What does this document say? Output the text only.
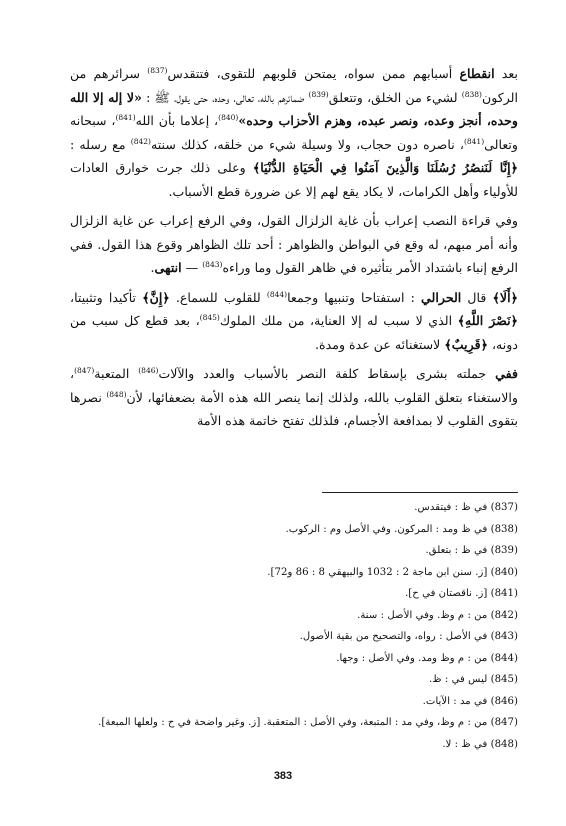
بعد انقطاع أسبابهم ممن سواه، يمتحن قلوبهم للتقوى، فتتقدس$^{(837)}$ سرائرهم من الركون$^{(838)}$ لشيء من الخلق، وتتعلق$^{(839)}$ ضمائرهم بالله، تعالى، وحده، حتى يقول، ﷺ : «لا إله إلا الله وحده، أنجز وعده، ونصر عبده، وهزم الأحزاب وحده»$^{(840)}$، إعلاما بأن الله$^{(841)}$، سبحانه وتعالى$^{(841)}$، ناصره دون حجاب، ولا وسيلة شيء من خلقه، كذلك سنته$^{(842)}$ مع رسله : ﴿إِنَّا لَنَنصُرُ رُسُلَنَا وَالَّذِينَ آمَنُوا فِي الْحَيَاةِ الدُّنْيَا﴾ وعلى ذلك جرت خوارق العادات للأولياء وأهل الكرامات، لا يكاد يقع لهم إلا عن ضرورة قطع الأسباب.

وفي قراءة النصب إعراب بأن غاية الزلزال القول، وفي الرفع إعراب عن غاية الزلزال وأنه أمر مبهم، له وقع في البواطن والظواهر : أحد تلك الظواهر وقوع هذا القول. ففي الرفع إنباء باشتداد الأمر بتأثيره في ظاهر القول وما وراءه$^{(843)}$ — انتهى.

﴿أَلَا﴾ قال الحرالي : استفتاحا وتنبيها وجمعا$^{(844)}$ للقلوب للسماع. ﴿إِنَّ﴾ تأكيدا وتثبيتا، ﴿نَصْرَ اللَّهِ﴾ الذي لا سبب له إلا العناية، من ملك الملوك$^{(845)}$، بعد قطع كل سبب من دونه، ﴿قَرِيبٌ﴾ لاستغنائه عن عدة ومدة.

ففي جملته بشرى بإسقاط كلفة النصر بالأسباب والعدد والآلات$^{(846)}$ المتعبة$^{(847)}$، والاستغناء بتعلق القلوب بالله، ولذلك إنما ينصر الله هذه الأمة بضعفائها، لأن$^{(848)}$ نصرها بتقوى القلوب لا بمدافعة الأجسام، فلذلك تفتح خاتمة هذه الأمة

(837) في ظ : فيتقدس.
(838) في ظ ومد : المركون. وفي الأصل وم : الركوب.
(839) في ظ : بتعلق.
(840) [ز. سنن ابن ماجة 2 : 1032 والبيهقي 8 : 86 و72].
(841) [ز. ناقصتان في ح].
(842) من : م وظ. وفي الأصل : سنة.
(843) في الأصل : رواه، والتصحيح من بقية الأصول.
(844) من : م وظ ومد. وفي الأصل : وجها.
(845) ليس في : ظ.
(846) في مد : الآيات.
(847) من : م وظ، وفي مد : المتبعة، وفي الأصل : المتعقبة. [ز. وغير واضحة في ح : ولعلها المبعة].
(848) في ظ : لا.
383
